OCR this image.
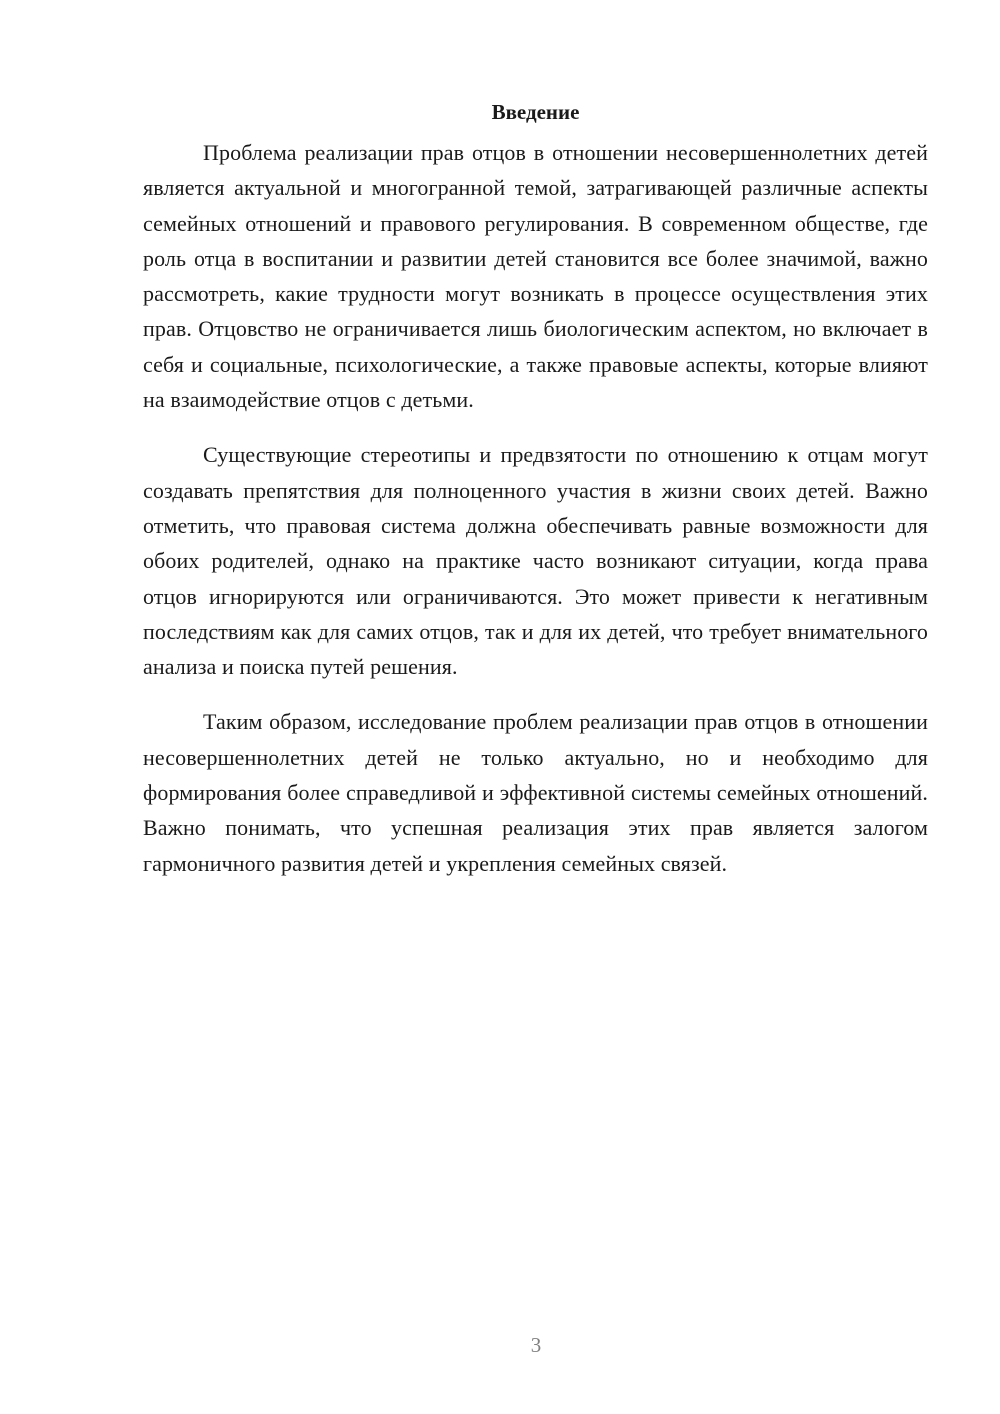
Введение

Проблема реализации прав отцов в отношении несовершеннолетних детей является актуальной и многогранной темой, затрагивающей различные аспекты семейных отношений и правового регулирования. В современном обществе, где роль отца в воспитании и развитии детей становится все более значимой, важно рассмотреть, какие трудности могут возникать в процессе осуществления этих прав. Отцовство не ограничивается лишь биологическим аспектом, но включает в себя и социальные, психологические, а также правовые аспекты, которые влияют на взаимодействие отцов с детьми.

Существующие стереотипы и предвзятости по отношению к отцам могут создавать препятствия для полноценного участия в жизни своих детей. Важно отметить, что правовая система должна обеспечивать равные возможности для обоих родителей, однако на практике часто возникают ситуации, когда права отцов игнорируются или ограничиваются. Это может привести к негативным последствиям как для самих отцов, так и для их детей, что требует внимательного анализа и поиска путей решения.

Таким образом, исследование проблем реализации прав отцов в отношении несовершеннолетних детей не только актуально, но и необходимо для формирования более справедливой и эффективной системы семейных отношений. Важно понимать, что успешная реализация этих прав является залогом гармоничного развития детей и укрепления семейных связей.

3
